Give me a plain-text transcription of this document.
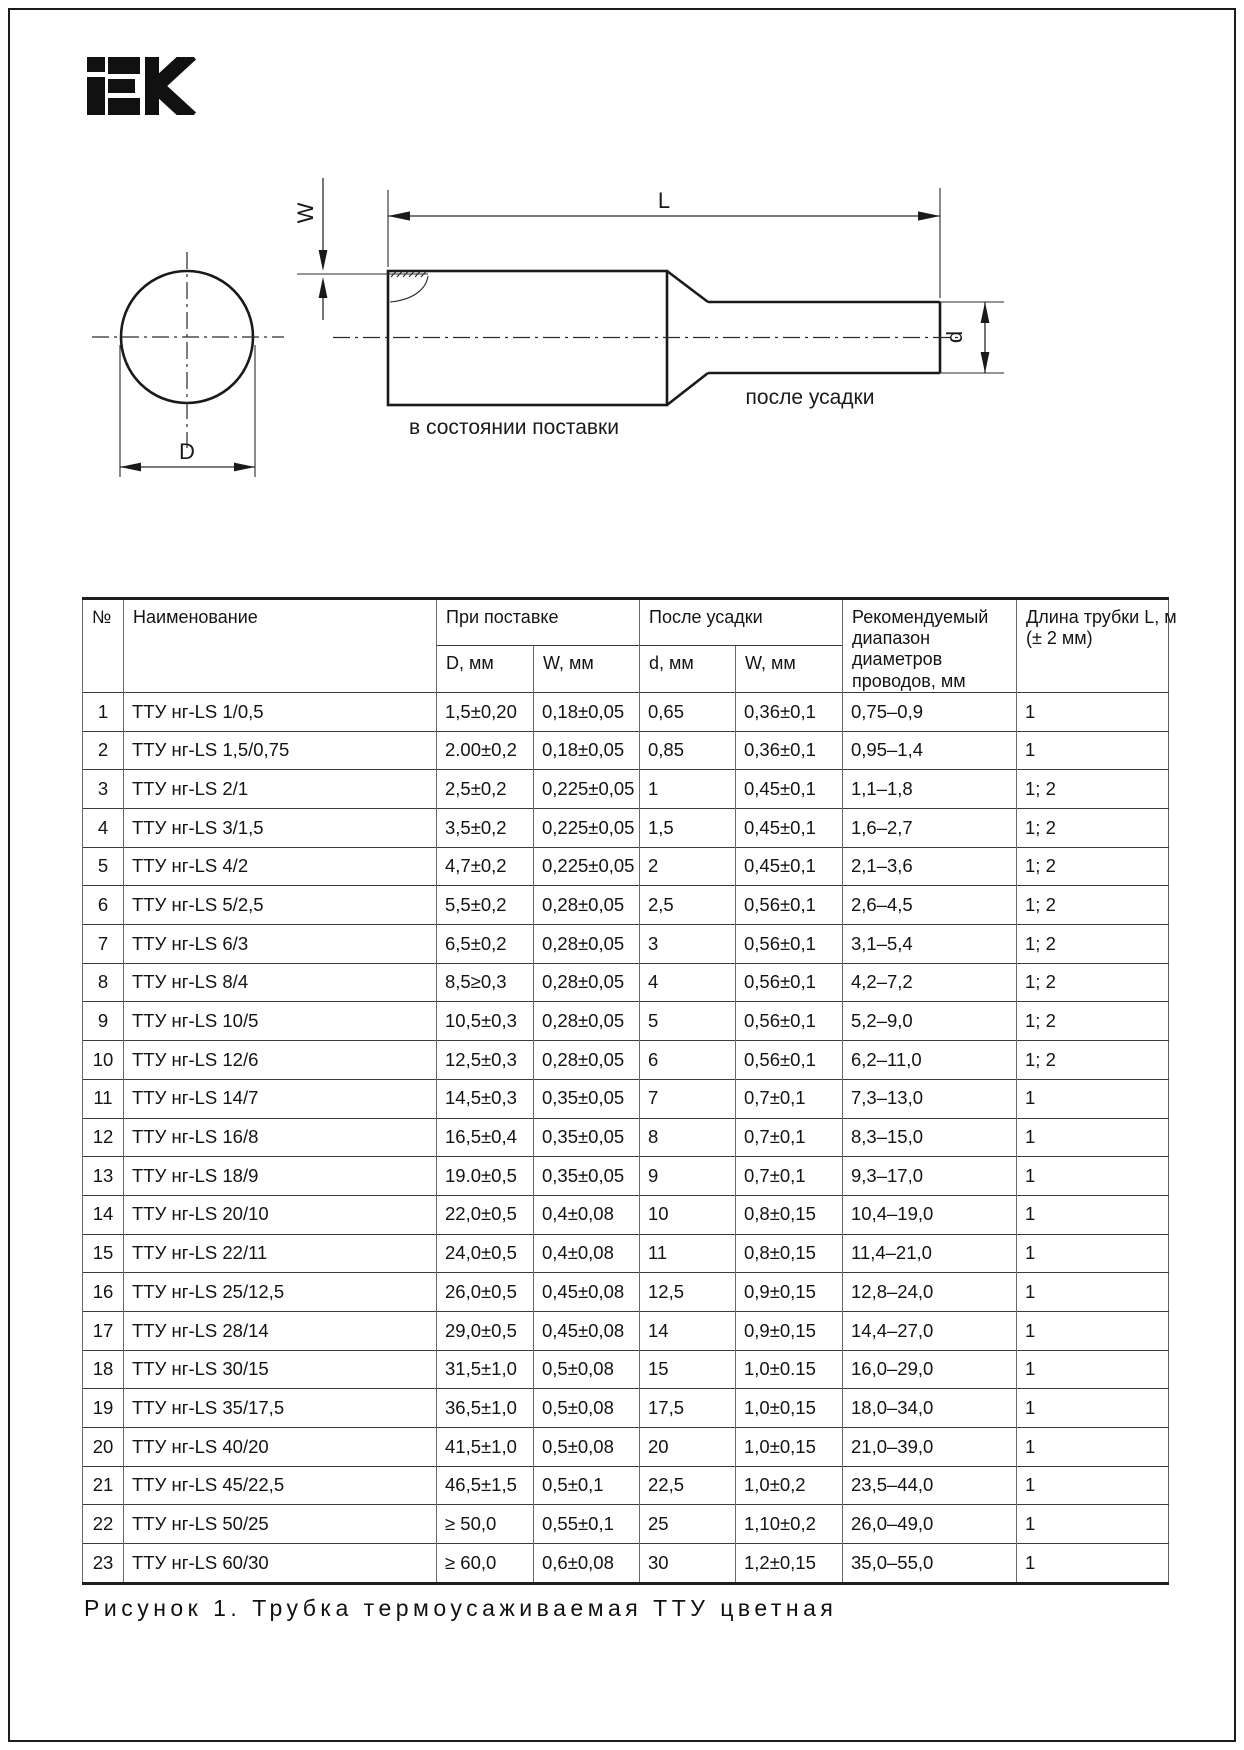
D
W	L
d
в состоянии поставки
после усадки
№	Наименование	При поставке		После усадки		Рекомендуемый диапазон диаметров проводов, мм	Длина трубки L, м
(± 2 мм)
		D, мм	W, мм	d, мм	W, мм		
1	ТТУ нг-LS 1/0,5	1,5±0,20	0,18±0,05	0,65	0,36±0,1	0,75–0,9	1
2	ТТУ нг-LS 1,5/0,75	2.00±0,2	0,18±0,05	0,85	0,36±0,1	0,95–1,4	1
3	ТТУ нг-LS 2/1	2,5±0,2	0,225±0,05	1	0,45±0,1	1,1–1,8	1; 2
4	ТТУ нг-LS 3/1,5	3,5±0,2	0,225±0,05	1,5	0,45±0,1	1,6–2,7	1; 2
5	ТТУ нг-LS 4/2	4,7±0,2	0,225±0,05	2	0,45±0,1	2,1–3,6	1; 2
6	ТТУ нг-LS 5/2,5	5,5±0,2	0,28±0,05	2,5	0,56±0,1	2,6–4,5	1; 2
7	ТТУ нг-LS 6/3	6,5±0,2	0,28±0,05	3	0,56±0,1	3,1–5,4	1; 2
8	ТТУ нг-LS 8/4	8,5≥0,3	0,28±0,05	4	0,56±0,1	4,2–7,2	1; 2
9	ТТУ нг-LS 10/5	10,5±0,3	0,28±0,05	5	0,56±0,1	5,2–9,0	1; 2
10	ТТУ нг-LS 12/6	12,5±0,3	0,28±0,05	6	0,56±0,1	6,2–11,0	1; 2
11	ТТУ нг-LS 14/7	14,5±0,3	0,35±0,05	7	0,7±0,1	7,3–13,0	1
12	ТТУ нг-LS 16/8	16,5±0,4	0,35±0,05	8	0,7±0,1	8,3–15,0	1
13	ТТУ нг-LS 18/9	19.0±0,5	0,35±0,05	9	0,7±0,1	9,3–17,0	1
14	ТТУ нг-LS 20/10	22,0±0,5	0,4±0,08	10	0,8±0,15	10,4–19,0	1
15	ТТУ нг-LS 22/11	24,0±0,5	0,4±0,08	11	0,8±0,15	11,4–21,0	1
16	ТТУ нг-LS 25/12,5	26,0±0,5	0,45±0,08	12,5	0,9±0,15	12,8–24,0	1
17	ТТУ нг-LS 28/14	29,0±0,5	0,45±0,08	14	0,9±0,15	14,4–27,0	1
18	ТТУ нг-LS 30/15	31,5±1,0	0,5±0,08	15	1,0±0.15	16,0–29,0	1
19	ТТУ нг-LS 35/17,5	36,5±1,0	0,5±0,08	17,5	1,0±0,15	18,0–34,0	1
20	ТТУ нг-LS 40/20	41,5±1,0	0,5±0,08	20	1,0±0,15	21,0–39,0	1
21	ТТУ нг-LS 45/22,5	46,5±1,5	0,5±0,1	22,5	1,0±0,2	23,5–44,0	1
22	ТТУ нг-LS 50/25	≥ 50,0	0,55±0,1	25	1,10±0,2	26,0–49,0	1
23	ТТУ нг-LS 60/30	≥ 60,0	0,6±0,08	30	1,2±0,15	35,0–55,0	1
Рисунок 1. Трубка термоусаживаемая ТТУ цветная
